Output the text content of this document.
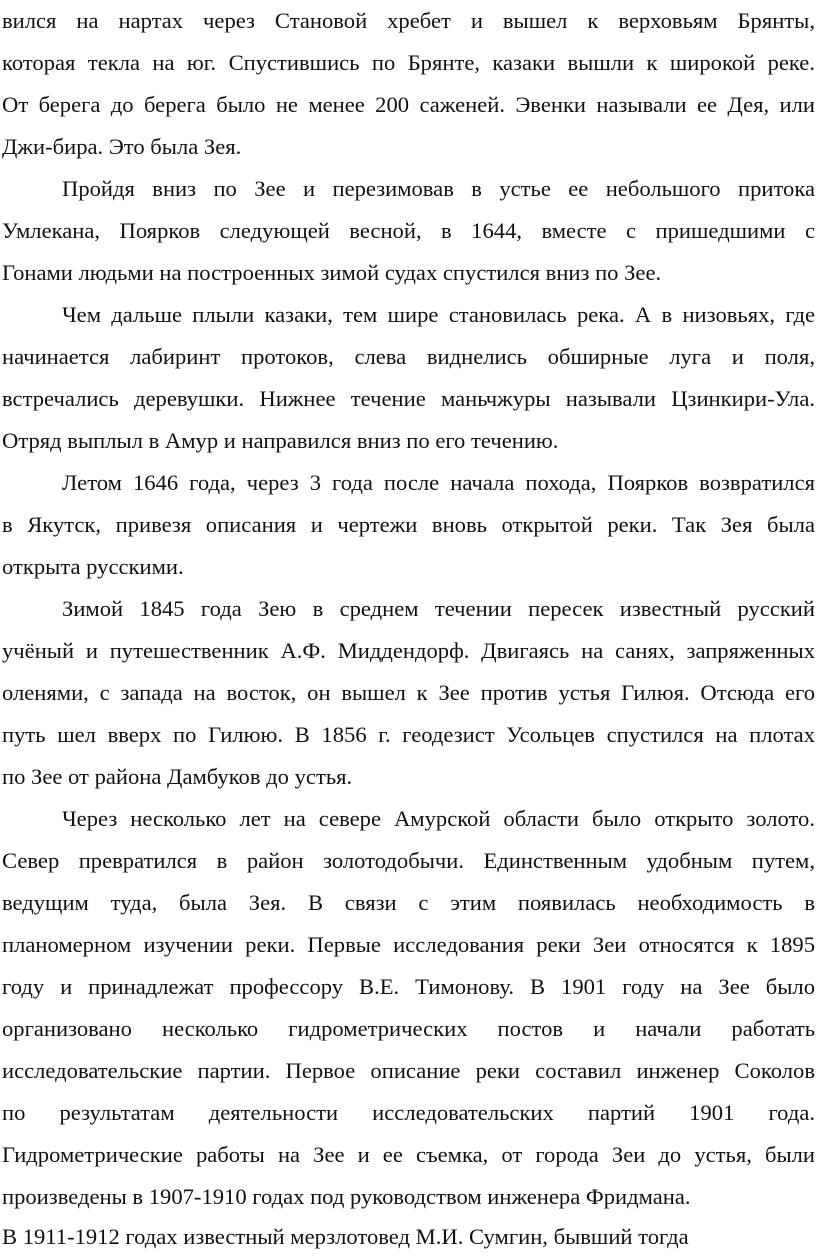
вился на нартах через Становой хребет и вышел к верховьям Брянты,
которая текла на юг. Спустившись по Брянте, казаки вышли к широкой реке.
От берега до берега было не менее 200 саженей. Эвенки называли ее Дея, или
Джи-бира. Это была Зея.
Пройдя вниз по Зее и перезимовав в устье ее небольшого притока
Умлекана, Поярков следующей весной, в 1644, вместе с пришедшими с
Гонами людьми на построенных зимой судах спустился вниз по Зее.
Чем дальше плыли казаки, тем шире становилась река. А в низовьях, где
начинается лабиринт протоков, слева виднелись обширные луга и поля,
встречались деревушки. Нижнее течение маньчжуры называли Цзинкири-Ула.
Отряд выплыл в Амур и направился вниз по его течению.
Летом 1646 года, через 3 года после начала похода, Поярков возвратился
в Якутск, привезя описания и чертежи вновь открытой реки. Так Зея была
открыта русскими.
Зимой 1845 года Зею в среднем течении пересек известный русский
учёный и путешественник А.Ф. Миддендорф. Двигаясь на санях, запряженных
оленями, с запада на восток, он вышел к Зее против устья Гилюя. Отсюда его
путь шел вверх по Гилюю. В 1856 г. геодезист Усольцев спустился на плотах
по Зее от района Дамбуков до устья.
Через несколько лет на севере Амурской области было открыто золото.
Север превратился в район золотодобычи. Единственным удобным путем,
ведущим туда, была Зея. В связи с этим появилась необходимость в
планомерном изучении реки. Первые исследования реки Зеи относятся к 1895
году и принадлежат профессору В.Е. Тимонову. В 1901 году на Зее было
организовано несколько гидрометрических постов и начали работать
исследовательские партии. Первое описание реки составил инженер Соколов
по результатам деятельности исследовательских партий 1901 года.
Гидрометрические работы на Зее и ее съемка, от города Зеи до устья, были
произведены в 1907-1910 годах под руководством инженера Фридмана.
В 1911-1912 годах известный мерзлотовед М.И. Сумгин, бывший тогда
